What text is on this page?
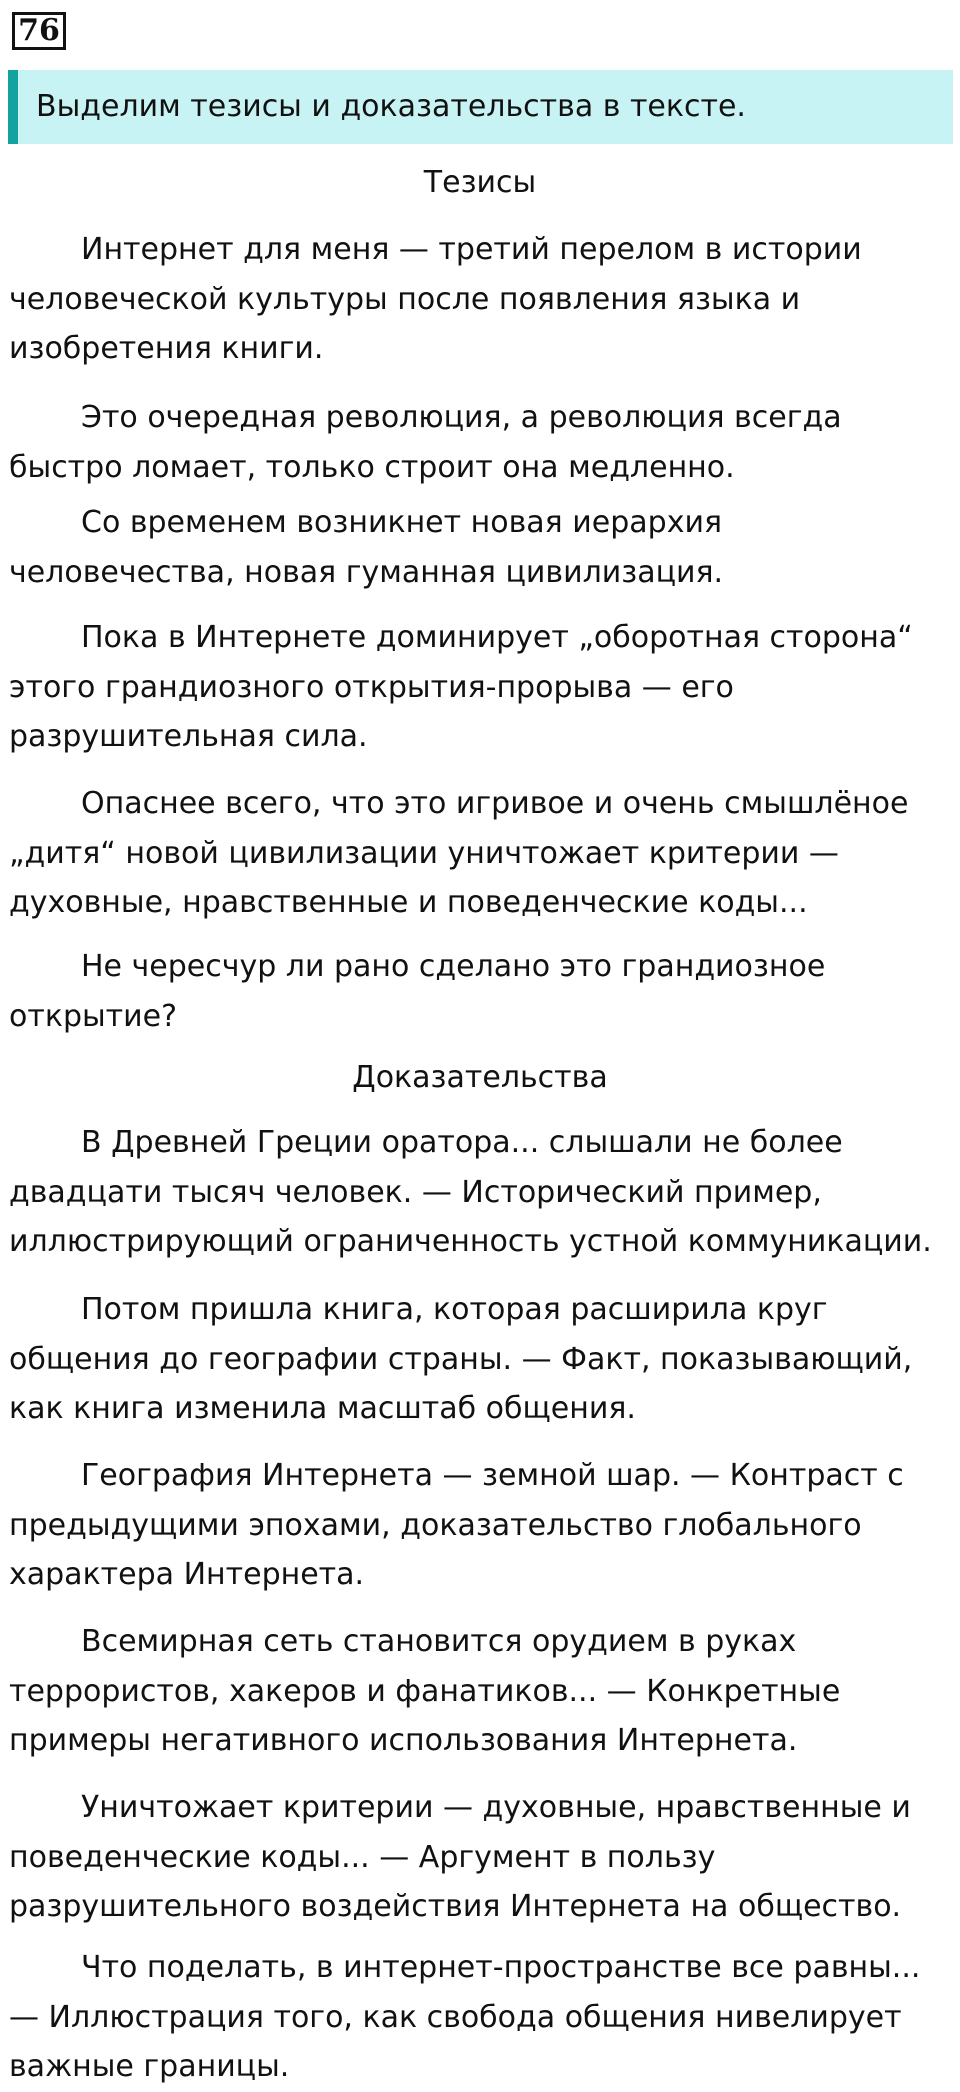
76
Выделим тезисы и доказательства в тексте.
Тезисы

Интернет для меня — третий перелом в истории человеческой культуры после появления языка и изобретения книги.

Это очередная революция, а революция всегда быстро ломает, только строит она медленно.

Со временем возникнет новая иерархия человечества, новая гуманная цивилизация.

Пока в Интернете доминирует „оборотная сторона“ этого грандиозного открытия-прорыва — его разрушительная сила.

Опаснее всего, что это игривое и очень смышлёное „дитя“ новой цивилизации уничтожает критерии — духовные, нравственные и поведенческие коды...

Не чересчур ли рано сделано это грандиозное открытие?

Доказательства

В Древней Греции оратора... слышали не более двадцати тысяч человек. — Исторический пример, иллюстрирующий ограниченность устной коммуникации.

Потом пришла книга, которая расширила круг общения до географии страны. — Факт, показывающий, как книга изменила масштаб общения.

География Интернета — земной шар. — Контраст с предыдущими эпохами, доказательство глобального характера Интернета.

Всемирная сеть становится орудием в руках террористов, хакеров и фанатиков... — Конкретные примеры негативного использования Интернета.

Уничтожает критерии — духовные, нравственные и поведенческие коды... — Аргумент в пользу разрушительного воздействия Интернета на общество.

Что поделать, в интернет-пространстве все равны... — Иллюстрация того, как свобода общения нивелирует важные границы.
